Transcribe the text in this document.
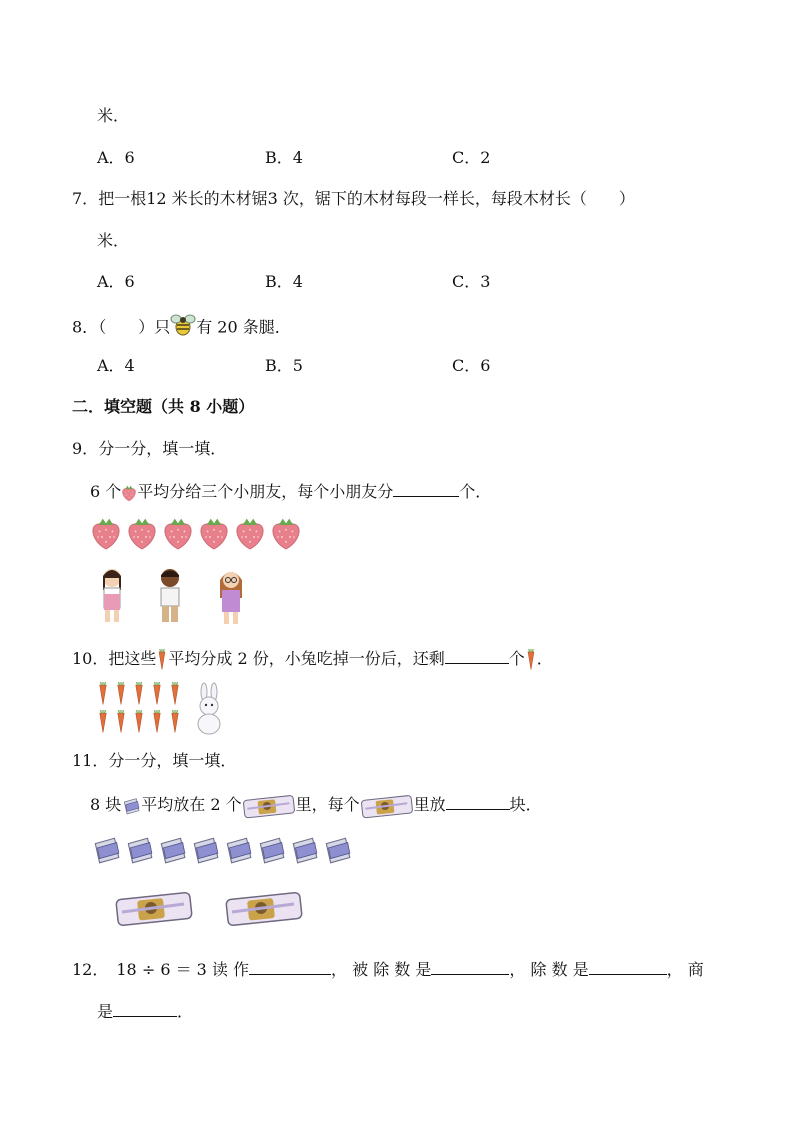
米．
A．6	B．4	C．2
7．把一根12 米长的木材锯3 次，锯下的木材每段一样长，每段木材长（　　）
米．
A．6	B．4	C．3
8．（　　）只 有 20 条腿．
A．4	B．5	C．6
二．填空题（共 8 小题）
9．分一分，填一填．
6 个 平均分给三个小朋友，每个小朋友分	个．
10．把这些 平均分成 2 份，小兔吃掉一份后，还剩	个 ．
11．分一分，填一填．
8 块 平均放在 2 个	里，每个	里放	块．
12． 18 ÷ 6 ＝ 3 读 作	， 被 除 数 是	， 除 数 是	， 商
是	．
